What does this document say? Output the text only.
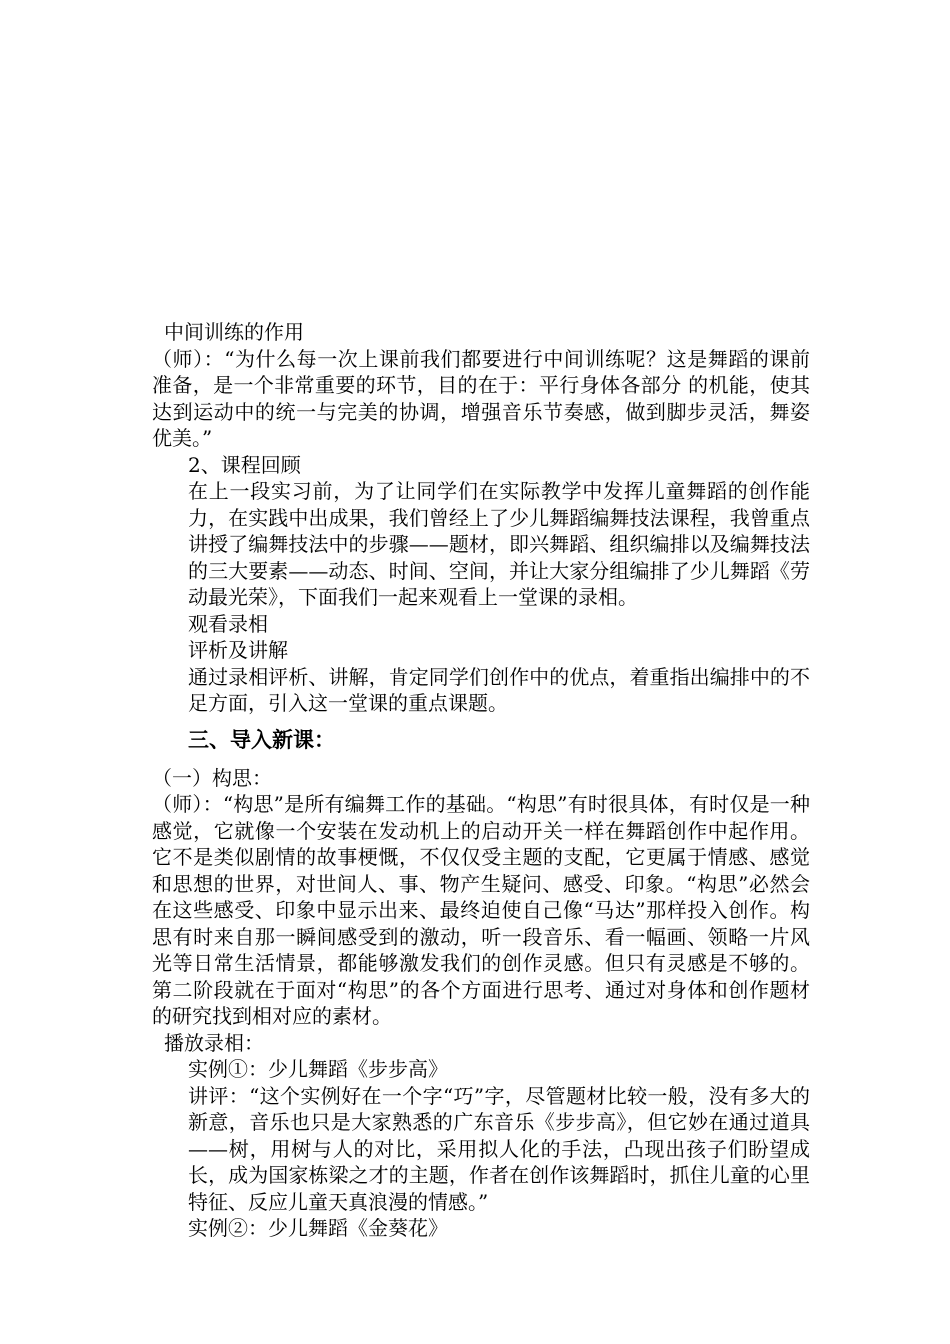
中间训练的作用

（师）：“为什么每一次上课前我们都要进行中间训练呢？这是舞蹈的课前准备，是一个非常重要的环节，目的在于：平行身体各部分 的机能，使其达到运动中的统一与完美的协调，增强音乐节奏感，做到脚步灵活，舞姿优美。”

2、课程回顾

在上一段实习前，为了让同学们在实际教学中发挥儿童舞蹈的创作能力，在实践中出成果，我们曾经上了少儿舞蹈编舞技法课程，我曾重点讲授了编舞技法中的步骤——题材，即兴舞蹈、组织编排以及编舞技法的三大要素——动态、时间、空间，并让大家分组编排了少儿舞蹈《劳动最光荣》，下面我们一起来观看上一堂课的录相。

观看录相

评析及讲解

通过录相评析、讲解，肯定同学们创作中的优点，着重指出编排中的不足方面，引入这一堂课的重点课题。

三、导入新课：

（一）构思：

（师）：“构思”是所有编舞工作的基础。“构思”有时很具体，有时仅是一种感觉，它就像一个安装在发动机上的启动开关一样在舞蹈创作中起作用。它不是类似剧情的故事梗慨，不仅仅受主题的支配，它更属于情感、感觉和思想的世界，对世间人、事、物产生疑问、感受、印象。“构思”必然会在这些感受、印象中显示出来、最终迫使自己像“马达”那样投入创作。构思有时来自那一瞬间感受到的激动，听一段音乐、看一幅画、领略一片风光等日常生活情景，都能够激发我们的创作灵感。但只有灵感是不够的。第二阶段就在于面对“构思”的各个方面进行思考、通过对身体和创作题材的研究找到相对应的素材。

播放录相：

实例①：少儿舞蹈《步步高》

讲评：“这个实例好在一个字“巧”字，尽管题材比较一般，没有多大的新意，音乐也只是大家熟悉的广东音乐《步步高》，但它妙在通过道具——树，用树与人的对比，采用拟人化的手法，凸现出孩子们盼望成长，成为国家栋梁之才的主题，作者在创作该舞蹈时，抓住儿童的心里特征、反应儿童天真浪漫的情感。”

实例②：少儿舞蹈《金葵花》
